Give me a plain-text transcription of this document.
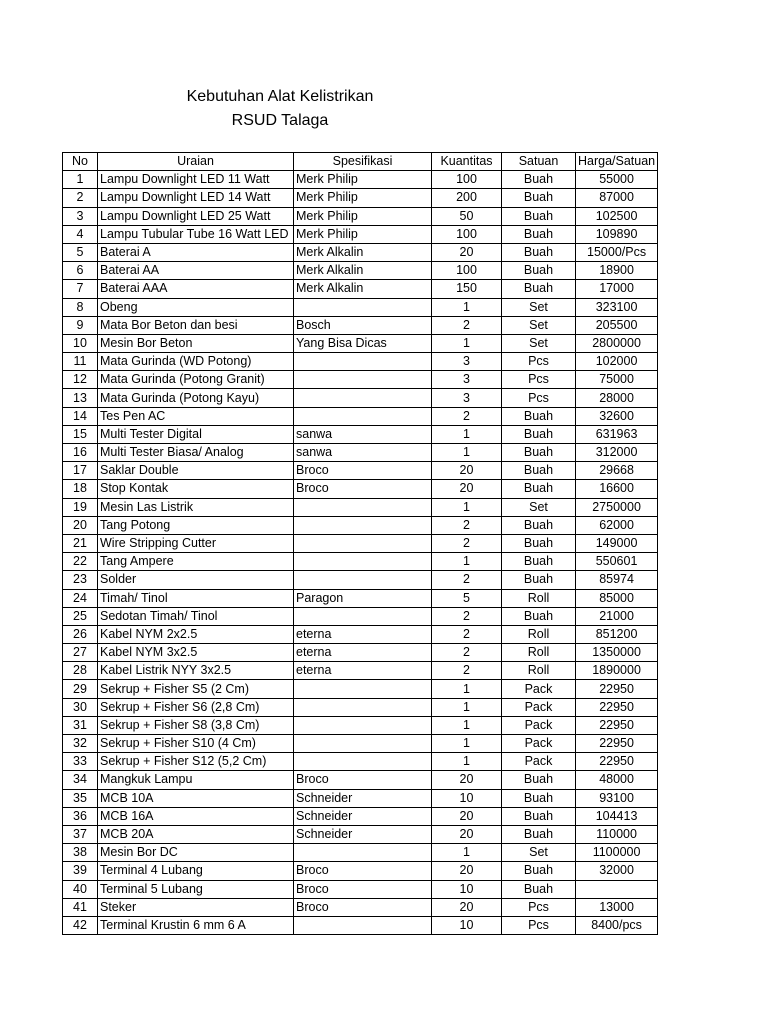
Kebutuhan Alat Kelistrikan
RSUD Talaga
No	Uraian	Spesifikasi	Kuantitas	Satuan	Harga/Satuan
1	Lampu Downlight LED 11 Watt	Merk Philip	100	Buah	55000
2	Lampu Downlight LED 14 Watt	Merk Philip	200	Buah	87000
3	Lampu Downlight LED 25 Watt	Merk Philip	50	Buah	102500
4	Lampu Tubular Tube 16 Watt LED	Merk Philip	100	Buah	109890
5	Baterai A	Merk Alkalin	20	Buah	15000/Pcs
6	Baterai AA	Merk Alkalin	100	Buah	18900
7	Baterai AAA	Merk Alkalin	150	Buah	17000
8	Obeng		1	Set	323100
9	Mata Bor Beton dan besi	Bosch	2	Set	205500
10	Mesin Bor Beton	Yang Bisa Dicas	1	Set	2800000
11	Mata Gurinda (WD Potong)		3	Pcs	102000
12	Mata Gurinda (Potong Granit)		3	Pcs	75000
13	Mata Gurinda (Potong Kayu)		3	Pcs	28000
14	Tes Pen AC		2	Buah	32600
15	Multi Tester Digital	sanwa	1	Buah	631963
16	Multi Tester Biasa/ Analog	sanwa	1	Buah	312000
17	Saklar Double	Broco	20	Buah	29668
18	Stop Kontak	Broco	20	Buah	16600
19	Mesin Las Listrik		1	Set	2750000
20	Tang Potong		2	Buah	62000
21	Wire Stripping Cutter		2	Buah	149000
22	Tang Ampere		1	Buah	550601
23	Solder		2	Buah	85974
24	Timah/ Tinol	Paragon	5	Roll	85000
25	Sedotan Timah/ Tinol		2	Buah	21000
26	Kabel NYM 2x2.5	eterna	2	Roll	851200
27	Kabel NYM 3x2.5	eterna	2	Roll	1350000
28	Kabel Listrik NYY 3x2.5	eterna	2	Roll	1890000
29	Sekrup + Fisher S5 (2 Cm)		1	Pack	22950
30	Sekrup + Fisher S6 (2,8 Cm)		1	Pack	22950
31	Sekrup + Fisher S8 (3,8 Cm)		1	Pack	22950
32	Sekrup + Fisher S10 (4 Cm)		1	Pack	22950
33	Sekrup + Fisher S12 (5,2 Cm)		1	Pack	22950
34	Mangkuk Lampu	Broco	20	Buah	48000
35	MCB 10A	Schneider	10	Buah	93100
36	MCB 16A	Schneider	20	Buah	104413
37	MCB 20A	Schneider	20	Buah	110000
38	Mesin Bor DC		1	Set	1100000
39	Terminal 4 Lubang	Broco	20	Buah	32000
40	Terminal 5 Lubang	Broco	10	Buah	
41	Steker	Broco	20	Pcs	13000
42	Terminal Krustin 6 mm 6 A		10	Pcs	8400/pcs
